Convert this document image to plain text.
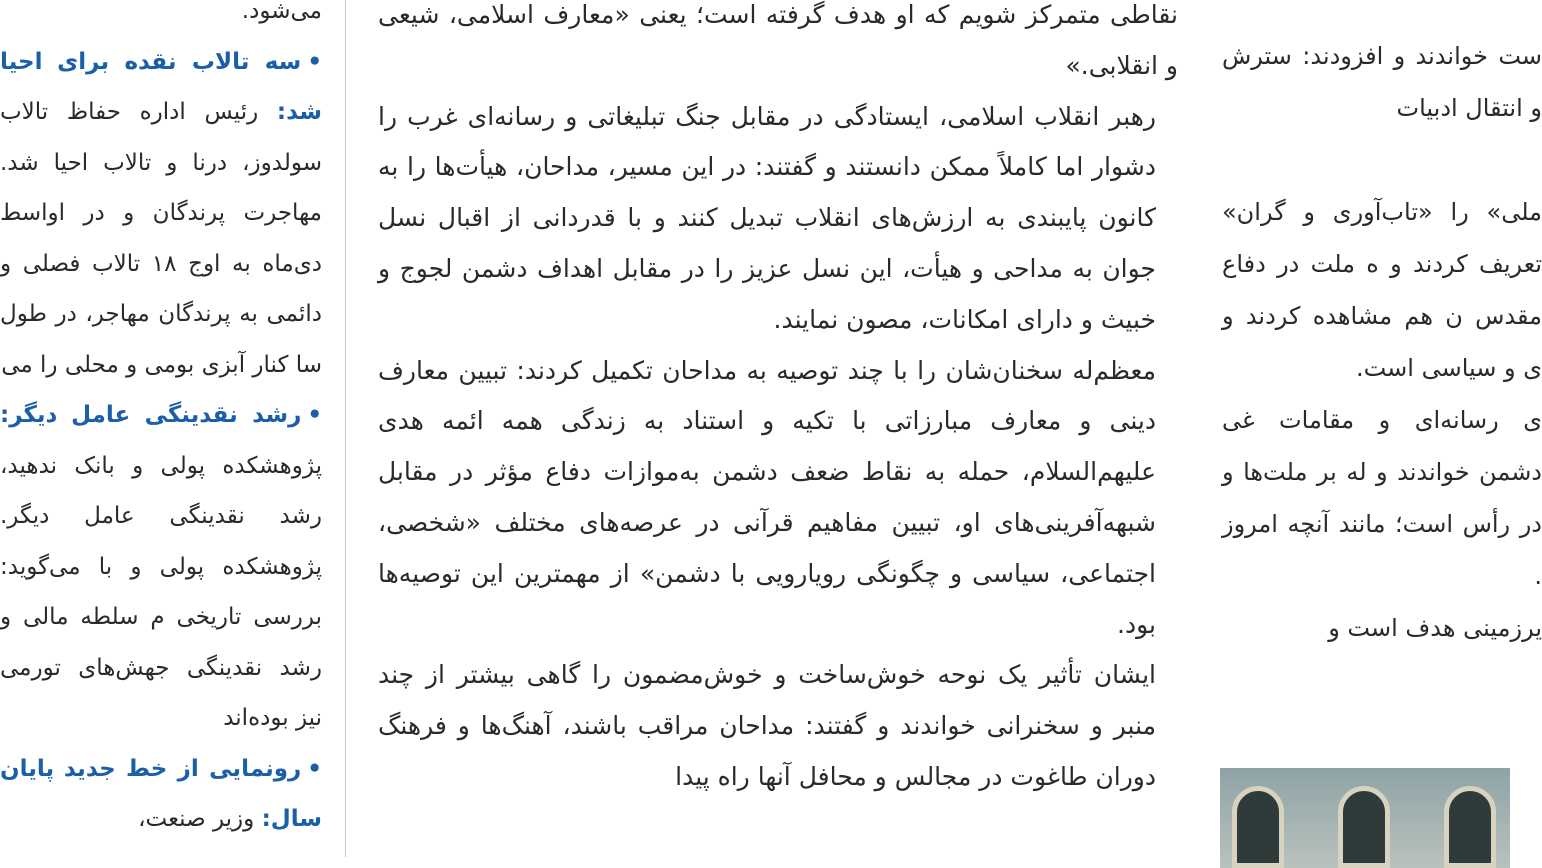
می‌شود.

•سه تالاب نقده برای احیا شد: رئیس اداره حفاظ تالاب سولدوز، درنا و تالاب احیا شد. مهاجرت پرندگان و در اواسط دی‌ماه به اوج ۱۸ تالاب فصلی و دائمی به پرندگان مهاجر، در طول سا کنار آبزی بومی و محلی را می

•رشد نقدینگی عامل دیگر: پژوهشکده پولی و بانک ندهید، رشد نقدینگی عامل دیگر. پژوهشکده پولی و با می‌گوید: بررسی تاریخی م سلطه مالی و رشد نقدینگی جهش‌های تورمی نیز بوده‌اند

•رونمایی از خط جدید پایان سال: وزیر صنعت،

نقاطی متمرکز شویم که او هدف گرفته است؛ یعنی «معارف اسلامی، شیعی و انقلابی.»

رهبر انقلاب اسلامی، ایستادگی در مقابل جنگ تبلیغاتی و رسانه‌ای غرب را دشوار اما کاملاً ممکن دانستند و گفتند: در این مسیر، مداحان، هیأت‌ها را به کانون پایبندی به ارزش‌های انقلاب تبدیل کنند و با قدردانی از اقبال نسل جوان به مداحی و هیأت، این نسل عزیز را در مقابل اهداف دشمن لجوج و خبیث و دارای امکانات، مصون نمایند.

معظم‌له سخنان‌شان را با چند توصیه به مداحان تکمیل کردند: تبیین معارف دینی و معارف مبارزاتی با تکیه و استناد به زندگی همه ائمه هدی علیهم‌السلام، حمله به نقاط ضعف دشمن به‌موازات دفاع مؤثر در مقابل شبهه‌آفرینی‌های او، تبیین مفاهیم قرآنی در عرصه‌های مختلف «شخصی، اجتماعی، سیاسی و چگونگی رویارویی با دشمن» از مهمترین این توصیه‌ها بود.

ایشان تأثیر یک نوحه خوش‌ساخت و خوش‌مضمون را گاهی بیشتر از چند منبر و سخنرانی خواندند و گفتند: مداحان مراقب باشند، آهنگ‌ها و فرهنگ دوران طاغوت در مجالس و محافل آنها راه پیدا

ست خواندند و افزودند: سترش و انتقال ادبیات

ملی» را «تاب‌آوری و گران» تعریف کردند و ه ملت در دفاع مقدس ن هم مشاهده کردند و ی و سیاسی است.

ی رسانه‌ای و مقامات غی دشمن خواندند و له بر ملت‌ها و در رأس است؛ مانند آنچه امروز .

یرزمینی هدف است و
